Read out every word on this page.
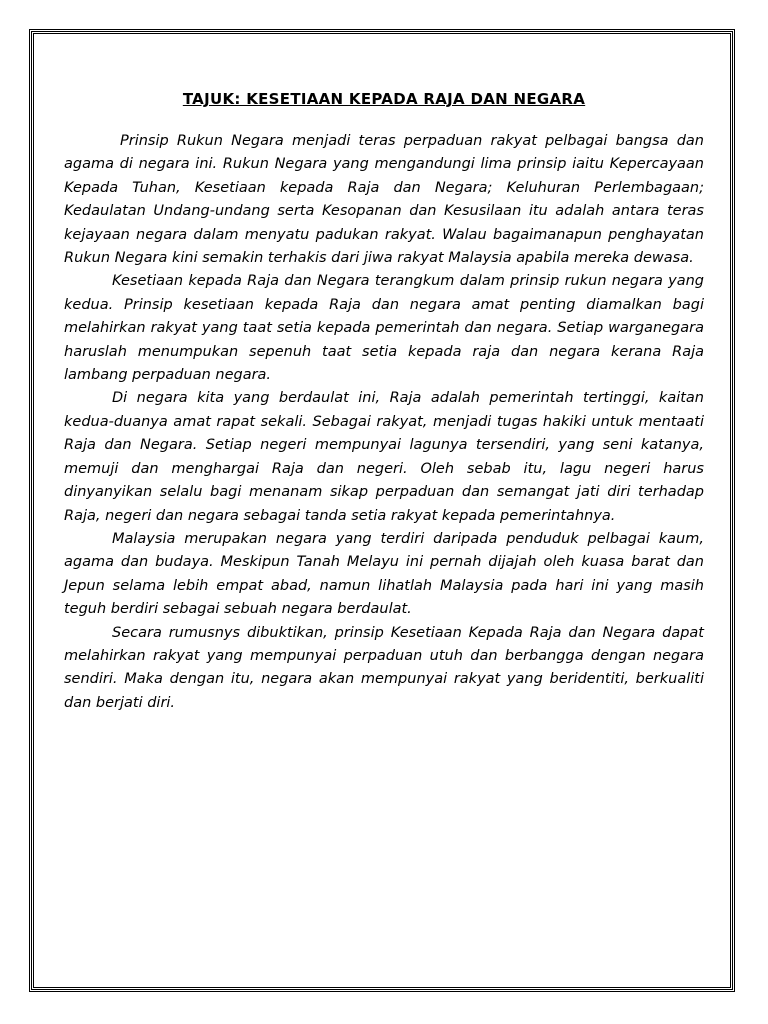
TAJUK: KESETIAAN KEPADA RAJA DAN NEGARA

Prinsip Rukun Negara menjadi teras perpaduan rakyat pelbagai bangsa dan agama di negara ini. Rukun Negara yang mengandungi lima prinsip iaitu Kepercayaan Kepada Tuhan, Kesetiaan kepada Raja dan Negara; Keluhuran Perlembagaan; Kedaulatan Undang-undang serta Kesopanan dan Kesusilaan itu adalah antara teras kejayaan negara dalam menyatu padukan rakyat. Walau bagaimanapun penghayatan Rukun Negara kini semakin terhakis dari jiwa rakyat Malaysia apabila mereka dewasa.

Kesetiaan kepada Raja dan Negara terangkum dalam prinsip rukun negara yang kedua. Prinsip kesetiaan kepada Raja dan negara amat penting diamalkan bagi melahirkan rakyat yang taat setia kepada pemerintah dan negara. Setiap warganegara haruslah menumpukan sepenuh taat setia kepada raja dan negara kerana Raja lambang perpaduan negara.

Di negara kita yang berdaulat ini, Raja adalah pemerintah tertinggi, kaitan kedua-duanya amat rapat sekali. Sebagai rakyat, menjadi tugas hakiki untuk mentaati Raja dan Negara. Setiap negeri mempunyai lagunya tersendiri, yang seni katanya, memuji dan menghargai Raja dan negeri. Oleh sebab itu, lagu negeri harus dinyanyikan selalu bagi menanam sikap perpaduan dan semangat jati diri terhadap Raja, negeri dan negara sebagai tanda setia rakyat kepada pemerintahnya.

Malaysia merupakan negara yang terdiri daripada penduduk pelbagai kaum, agama dan budaya. Meskipun Tanah Melayu ini pernah dijajah oleh kuasa barat dan Jepun selama lebih empat abad, namun lihatlah Malaysia pada hari ini yang masih teguh berdiri sebagai sebuah negara berdaulat.

Secara rumusnys dibuktikan, prinsip Kesetiaan Kepada Raja dan Negara dapat melahirkan rakyat yang mempunyai perpaduan utuh dan berbangga dengan negara sendiri. Maka dengan itu, negara akan mempunyai rakyat yang beridentiti, berkualiti dan berjati diri.
